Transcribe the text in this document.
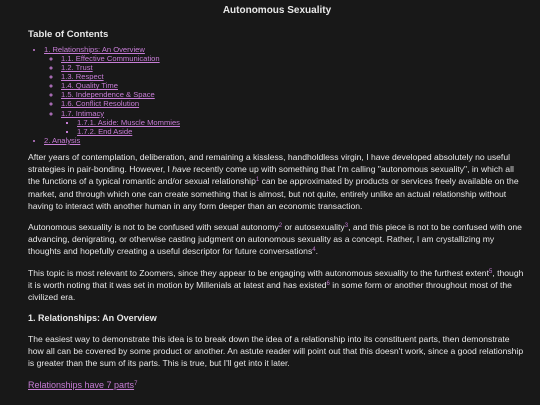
Autonomous Sexuality
Table of Contents
• 1. Relationships: An Overview
◦ 1.1. Effective Communication
◦ 1.2. Trust
◦ 1.3. Respect
◦ 1.4. Quality Time
◦ 1.5. Independence & Space
◦ 1.6. Conflict Resolution
◦ 1.7. Intimacy
▪ 1.7.1. Aside: Muscle Mommies
▪ 1.7.2. End Aside
• 2. Analysis

After years of contemplation, deliberation, and remaining a kissless, handholdless virgin, I have developed absolutely no useful strategies in pair-bonding. However, I have recently come up with something that I'm calling "autonomous sexuality", in which all the functions of a typical romantic and/or sexual relationship$^1$ can be approximated by products or services freely available on the market, and through which one can create something that is almost, but not quite, entirely unlike an actual relationship without having to interact with another human in any form deeper than an economic transaction.

Autonomous sexuality is not to be confused with sexual autonomy$^2$ or autosexuality$^3$, and this piece is not to be confused with one advancing, denigrating, or otherwise casting judgment on autonomous sexuality as a concept. Rather, I am crystallizing my thoughts and hopefully creating a useful descriptor for future conversations$^4$.

This topic is most relevant to Zoomers, since they appear to be engaging with autonomous sexuality to the furthest extent$^5$, though it is worth noting that it was set in motion by Millenials at latest and has existed$^6$ in some form or another throughout most of the civilized era.

1. Relationships: An Overview

The easiest way to demonstrate this idea is to break down the idea of a relationship into its constituent parts, then demonstrate how all can be covered by some product or another. An astute reader will point out that this doesn't work, since a good relationship is greater than the sum of its parts. This is true, but I'll get into it later.

Relationships have 7 parts$^7$
